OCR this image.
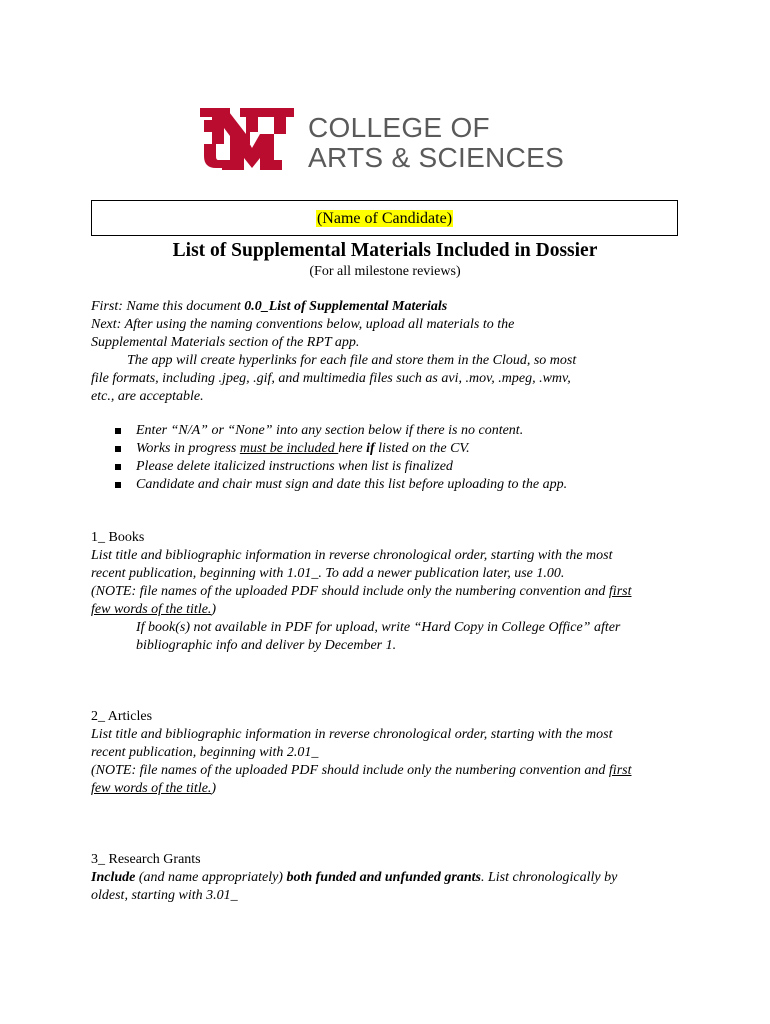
COLLEGE OF
ARTS & SCIENCES
(Name of Candidate)
List of Supplemental Materials Included in Dossier
(For all milestone reviews)
First: Name this document 0.0_List of Supplemental Materials
Next: After using the naming conventions below, upload all materials to the
Supplemental Materials section of the RPT app.
The app will create hyperlinks for each file and store them in the Cloud, so most
file formats, including .jpeg, .gif, and multimedia files such as avi, .mov, .mpeg, .wmv,
etc., are acceptable.
Enter “N/A” or “None” into any section below if there is no content.
Works in progress must be included here if listed on the CV.
Please delete italicized instructions when list is finalized
Candidate and chair must sign and date this list before uploading to the app.
1_ Books
List title and bibliographic information in reverse chronological order, starting with the most
recent publication, beginning with 1.01_. To add a newer publication later, use 1.00.
(NOTE: file names of the uploaded PDF should include only the numbering convention and first
few words of the title.)
If book(s) not available in PDF for upload, write “Hard Copy in College Office” after
bibliographic info and deliver by December 1.
2_ Articles
List title and bibliographic information in reverse chronological order, starting with the most
recent publication, beginning with 2.01_
(NOTE: file names of the uploaded PDF should include only the numbering convention and first
few words of the title.)
3_ Research Grants
Include (and name appropriately) both funded and unfunded grants. List chronologically by
oldest, starting with 3.01_
